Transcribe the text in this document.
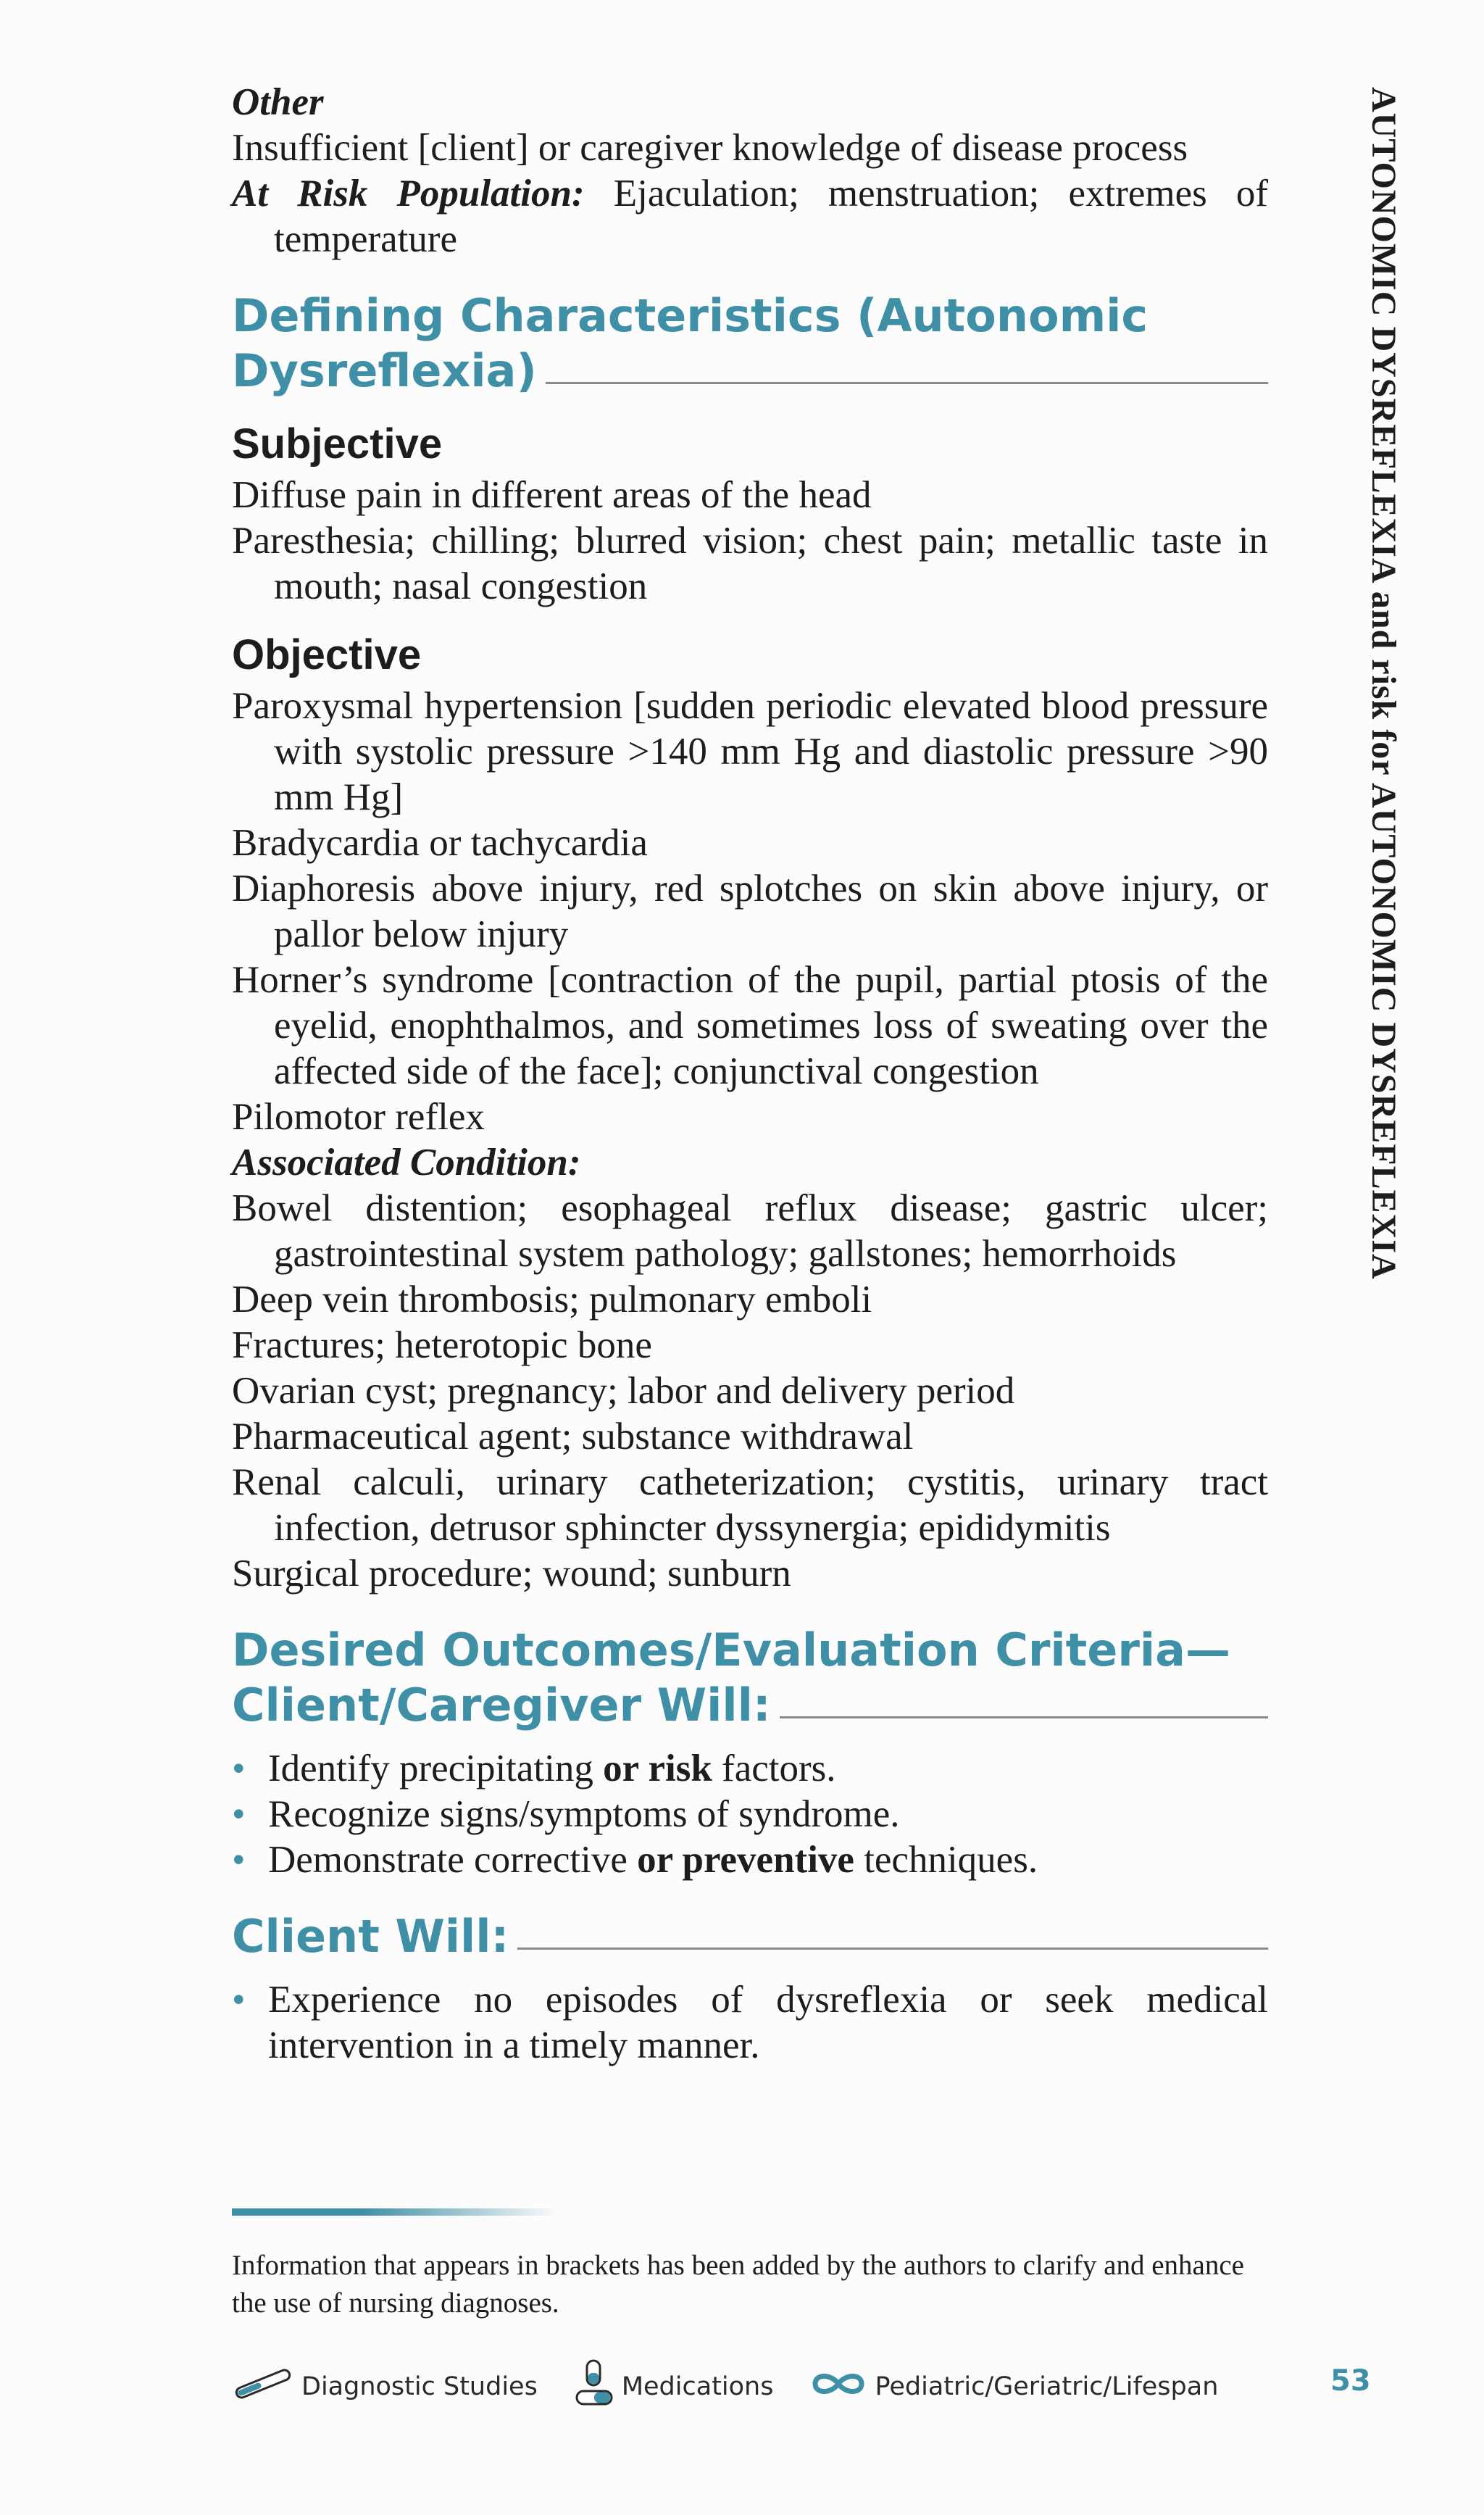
Other

Insufficient [client] or caregiver knowledge of disease process

At Risk Population: Ejaculation; menstruation; extremes of temperature

Defining Characteristics (Autonomic
Dysreflexia)
Subjective

Diffuse pain in different areas of the head

Paresthesia; chilling; blurred vision; chest pain; metallic taste in mouth; nasal congestion

Objective

Paroxysmal hypertension [sudden periodic elevated blood pressure with systolic pressure >140 mm Hg and diastolic pressure >90 mm Hg]

Bradycardia or tachycardia

Diaphoresis above injury, red splotches on skin above injury, or pallor below injury

Horner’s syndrome [contraction of the pupil, partial ptosis of the eyelid, enophthalmos, and sometimes loss of sweating over the affected side of the face]; conjunctival congestion

Pilomotor reflex

Associated Condition:

Bowel distention; esophageal reflux disease; gastric ulcer; gastrointestinal system pathology; gallstones; hemorrhoids

Deep vein thrombosis; pulmonary emboli

Fractures; heterotopic bone

Ovarian cyst; pregnancy; labor and delivery period

Pharmaceutical agent; substance withdrawal

Renal calculi, urinary catheterization; cystitis, urinary tract infection, detrusor sphincter dyssynergia; epididymitis

Surgical procedure; wound; sunburn

Desired Outcomes/Evaluation Criteria—
Client/Caregiver Will:
• Identify precipitating or risk factors.
• Recognize signs/symptoms of syndrome.
• Demonstrate corrective or preventive techniques.
Client Will:
• Experience no episodes of dysreflexia or seek medical intervention in a timely manner.
AUTONOMIC DYSREFLEXIA and risk for AUTONOMIC DYSREFLEXIA
Information that appears in brackets has been added by the authors to clarify and enhance the use of nursing diagnoses.
Diagnostic Studies	Medications	Pediatric/Geriatric/Lifespan	53
